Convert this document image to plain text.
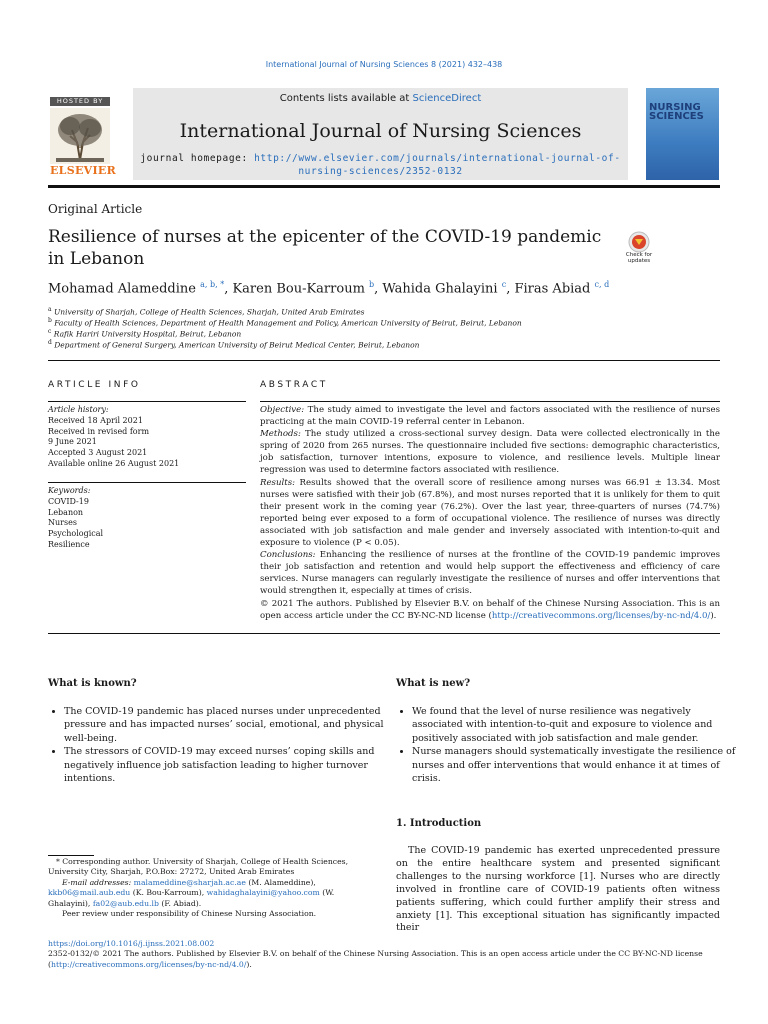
International Journal of Nursing Sciences 8 (2021) 432–438
HOSTED BY
ELSEVIER
Contents lists available at ScienceDirect
International Journal of Nursing Sciences
journal homepage: http://www.elsevier.com/journals/international-journal-of-nursing-sciences/2352-0132
NURSING
SCIENCES
Original Article
Resilience of nurses at the epicenter of the COVID-19 pandemic in Lebanon	Check for updates
Mohamad Alameddine $^{a, b, *}$, Karen Bou-Karroum $^b$, Wahida Ghalayini $^c$, Firas Abiad $^{c, d}$
$^a$ University of Sharjah, College of Health Sciences, Sharjah, United Arab Emirates
$^b$ Faculty of Health Sciences, Department of Health Management and Policy, American University of Beirut, Beirut, Lebanon
$^c$ Rafik Hariri University Hospital, Beirut, Lebanon
$^d$ Department of General Surgery, American University of Beirut Medical Center, Beirut, Lebanon
ARTICLE INFO
Article history:
Received 18 April 2021
Received in revised form
9 June 2021
Accepted 3 August 2021
Available online 26 August 2021
Keywords:
COVID-19
Lebanon
Nurses
Psychological
Resilience
ABSTRACT

Objective: The study aimed to investigate the level and factors associated with the resilience of nurses practicing at the main COVID-19 referral center in Lebanon.

Methods: The study utilized a cross-sectional survey design. Data were collected electronically in the spring of 2020 from 265 nurses. The questionnaire included five sections: demographic characteristics, job satisfaction, turnover intentions, exposure to violence, and resilience levels. Multiple linear regression was used to determine factors associated with resilience.

Results: Results showed that the overall score of resilience among nurses was 66.91 ± 13.34. Most nurses were satisfied with their job (67.8%), and most nurses reported that it is unlikely for them to quit their present work in the coming year (76.2%). Over the last year, three-quarters of nurses (74.7%) reported being ever exposed to a form of occupational violence. The resilience of nurses was directly associated with job satisfaction and male gender and inversely associated with intention-to-quit and exposure to violence (P < 0.05).

Conclusions: Enhancing the resilience of nurses at the frontline of the COVID-19 pandemic improves their job satisfaction and retention and would help support the effectiveness and efficiency of care services. Nurse managers can regularly investigate the resilience of nurses and offer interventions that would strengthen it, especially at times of crisis.

© 2021 The authors. Published by Elsevier B.V. on behalf of the Chinese Nursing Association. This is an open access article under the CC BY-NC-ND license (http://creativecommons.org/licenses/by-nc-nd/4.0/).

What is known?
• The COVID-19 pandemic has placed nurses under unprecedented pressure and has impacted nurses’ social, emotional, and physical well-being.
• The stressors of COVID-19 may exceed nurses’ coping skills and negatively influence job satisfaction leading to higher turnover intentions.
What is new?
• We found that the level of nurse resilience was negatively associated with intention-to-quit and exposure to violence and positively associated with job satisfaction and male gender.
• Nurse managers should systematically investigate the resilience of nurses and offer interventions that would enhance it at times of crisis.
1. Introduction
The COVID-19 pandemic has exerted unprecedented pressure on the entire healthcare system and presented significant challenges to the nursing workforce [1]. Nurses who are directly involved in frontline care of COVID-19 patients often witness patients suffering, which could further amplify their stress and anxiety [1]. This exceptional situation has significantly impacted their

* Corresponding author. University of Sharjah, College of Health Sciences, University City, Sharjah, P.O.Box: 27272, United Arab Emirates

E-mail addresses: malameddine@sharjah.ac.ae (M. Alameddine), kkb06@mail.aub.edu (K. Bou-Karroum), wahidaghalayini@yahoo.com (W. Ghalayini), fa02@aub.edu.lb (F. Abiad).

Peer review under responsibility of Chinese Nursing Association.

https://doi.org/10.1016/j.ijnss.2021.08.002

2352-0132/© 2021 The authors. Published by Elsevier B.V. on behalf of the Chinese Nursing Association. This is an open access article under the CC BY-NC-ND license (http://creativecommons.org/licenses/by-nc-nd/4.0/).
